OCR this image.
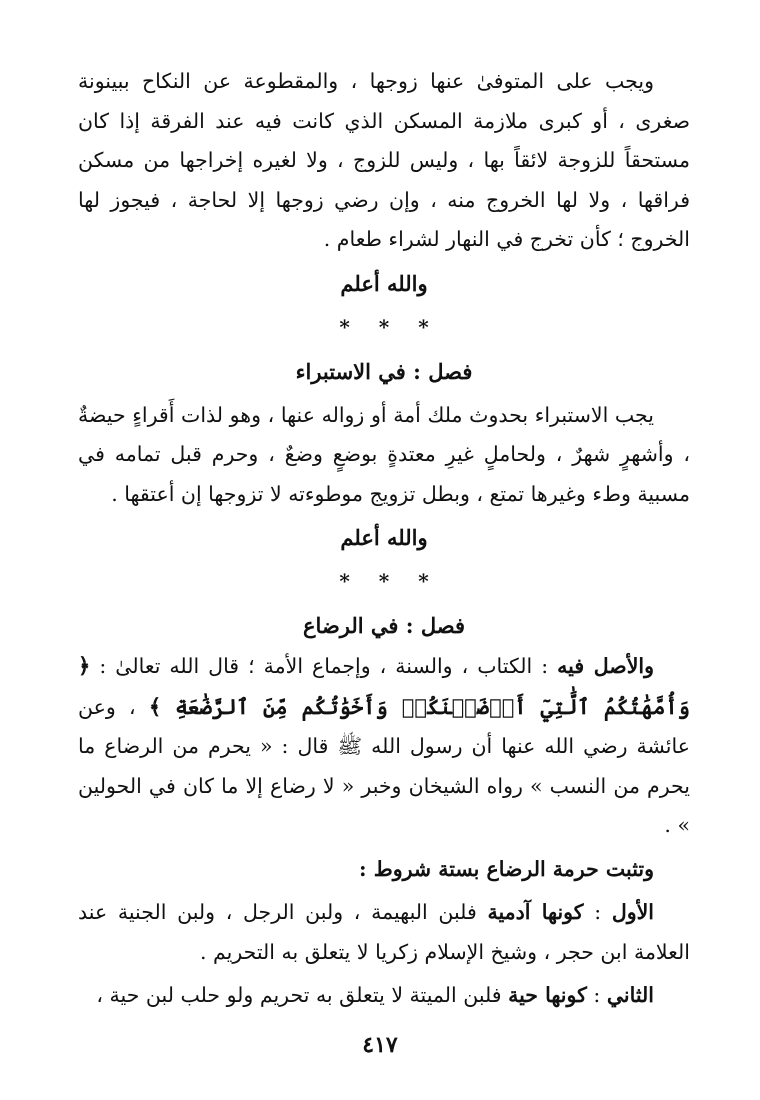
ويجب على المتوفىٰ عنها زوجها ، والمقطوعة عن النكاح ببينونة صغرى ، أو كبرى ملازمة المسكن الذي كانت فيه عند الفرقة إذا كان مستحقاً للزوجة لائقاً بها ، وليس للزوج ، ولا لغيره إخراجها من مسكن فراقها ، ولا لها الخروج منه ، وإن رضي زوجها إلا لحاجة ، فيجوز لها الخروج ؛ كأن تخرج في النهار لشراء طعام .

والله أعلم

* * *

فصل : في الاستبراء

يجب الاستبراء بحدوث ملك أمة أو زواله عنها ، وهو لذات أَقراءٍ حيضةٌ ، وأشهرٍ شهرٌ ، ولحاملٍ غيرِ معتدةٍ بوضعٍ وضعٌ ، وحرم قبل تمامه في مسبية وطء وغيرها تمتع ، وبطل تزويج موطوءته لا تزوجها إن أعتقها .

والله أعلم

* * *

فصل : في الرضاع

والأصل فيه : الكتاب ، والسنة ، وإجماع الأمة ؛ قال الله تعالىٰ : ﴿ وَأُمَّهَٰتُكُمُ ٱلَّٰتِيٓ أَرۡضَعۡنَكُمۡ وَأَخَوَٰتُكُم مِّنَ ٱلرَّضَٰعَةِ ﴾ ، وعن عائشة رضي الله عنها أن رسول الله ﷺ قال : « يحرم من الرضاع ما يحرم من النسب » رواه الشيخان وخبر « لا رضاع إلا ما كان في الحولين » .

وتثبت حرمة الرضاع بستة شروط :

الأول : كونها آدمية فلبن البهيمة ، ولبن الرجل ، ولبن الجنية عند العلامة ابن حجر ، وشيخ الإسلام زكريا لا يتعلق به التحريم .

الثاني : كونها حية فلبن الميتة لا يتعلق به تحريم ولو حلب لبن حية ،

٤١٧
